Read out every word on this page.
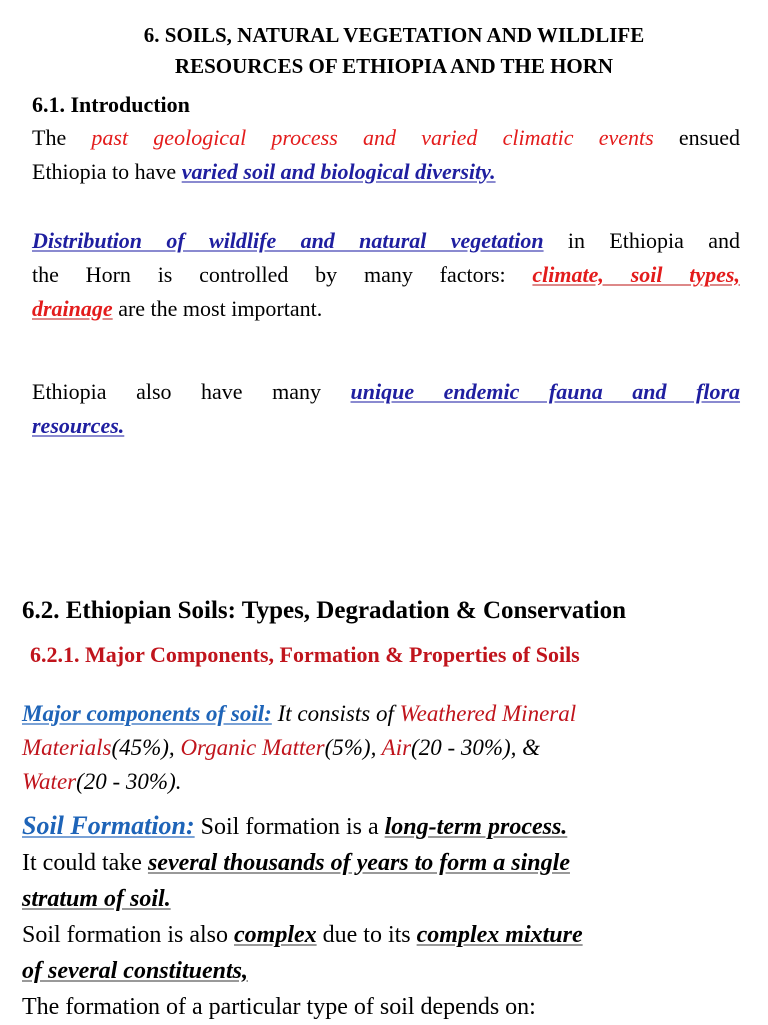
6. SOILS, NATURAL VEGETATION AND WILDLIFE
RESOURCES OF ETHIOPIA AND THE HORN
6.1. Introduction
The past geological process and varied climatic events ensued
Ethiopia to have varied soil and biological diversity.
Distribution of wildlife and natural vegetation in Ethiopia and
the Horn is controlled by many factors: climate, soil types,
drainage are the most important.
Ethiopia also have many unique endemic fauna and flora
resources.
6.2. Ethiopian Soils: Types, Degradation & Conservation
6.2.1. Major Components, Formation & Properties of Soils
Major components of soil: It consists of Weathered Mineral
Materials(45%), Organic Matter(5%), Air(20 - 30%), &
Water(20 - 30%).
Soil Formation: Soil formation is a long-term process.
It could take several thousands of years to form a single
stratum of soil.
Soil formation is also complex due to its complex mixture
of several constituents,
The formation of a particular type of soil depends on:
